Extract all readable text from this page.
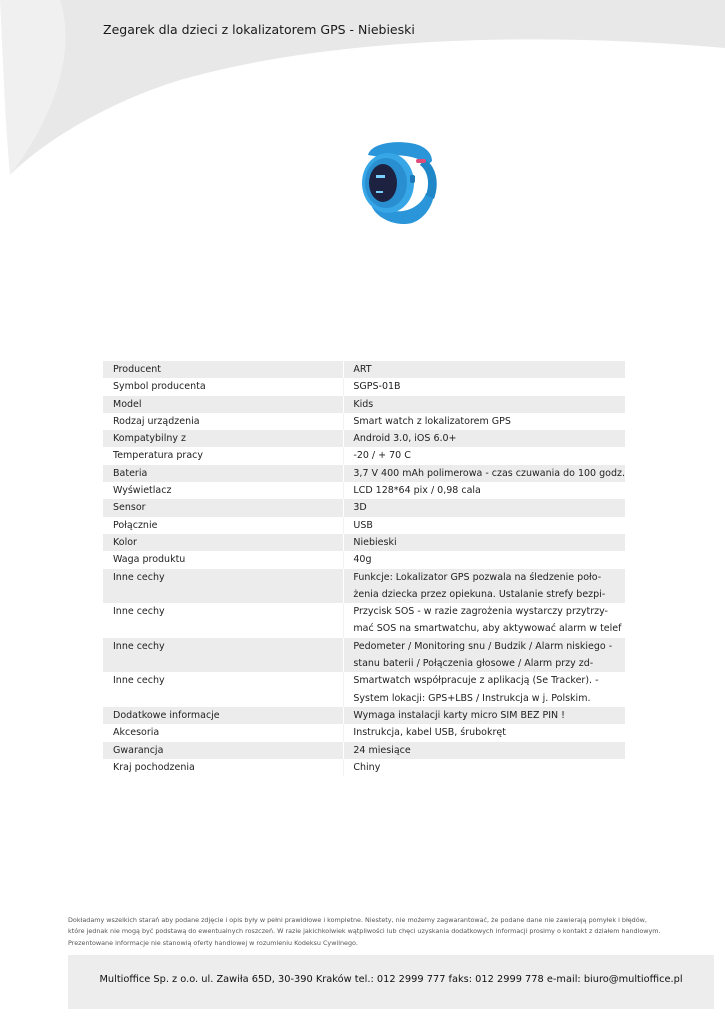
Zegarek dla dzieci z lokalizatorem GPS - Niebieski
Producent		ART

Symbol producenta		SGPS-01B

Model		Kids

Rodzaj urządzenia		Smart watch z lokalizatorem GPS

Kompatybilny z		Android 3.0, iOS 6.0+

Temperatura pracy		-20 / + 70 C

Bateria		3,7 V 400 mAh polimerowa - czas czuwania do 100 godz.

Wyświetlacz		LCD 128*64 pix / 0,98 cala

Sensor		3D

Połącznie		USB

Kolor		Niebieski

Waga produktu		40g

Inne cechy		Funkcje: Lokalizator GPS pozwala na śledzenie poło-
żenia dziecka przez opiekuna. Ustalanie strefy bezpi-

Inne cechy		Przycisk SOS - w razie zagrożenia wystarczy przytrzy-
mać SOS na smartwatchu, aby aktywować alarm w telef

Inne cechy		Pedometer / Monitoring snu / Budzik / Alarm niskiego -
stanu baterii / Połączenia głosowe / Alarm przy zd-

Inne cechy		Smartwatch współpracuje z aplikacją (Se Tracker). -
System lokacji: GPS+LBS / Instrukcja w j. Polskim.

Dodatkowe informacje		Wymaga instalacji karty micro SIM BEZ PIN !

Akcesoria		Instrukcja, kabel USB, śrubokręt

Gwarancja		24 miesiące

Kraj pochodzenia		Chiny
Dokładamy wszelkich starań aby podane zdjęcie i opis były w pełni prawidłowe i kompletne. Niestety, nie możemy zagwarantować, że podane dane nie zawierają pomyłek i błędów,
które jednak nie mogą być podstawą do ewentualnych roszczeń. W razie jakichkolwiek wątpliwości lub chęci uzyskania dodatkowych informacji prosimy o kontakt z działem handlowym.
Prezentowane informacje nie stanowią oferty handlowej w rozumieniu Kodeksu Cywilnego.
Multioffice Sp. z o.o. ul. Zawiła 65D, 30-390 Kraków tel.: 012 2999 777 faks: 012 2999 778 e-mail: biuro@multioffice.pl
